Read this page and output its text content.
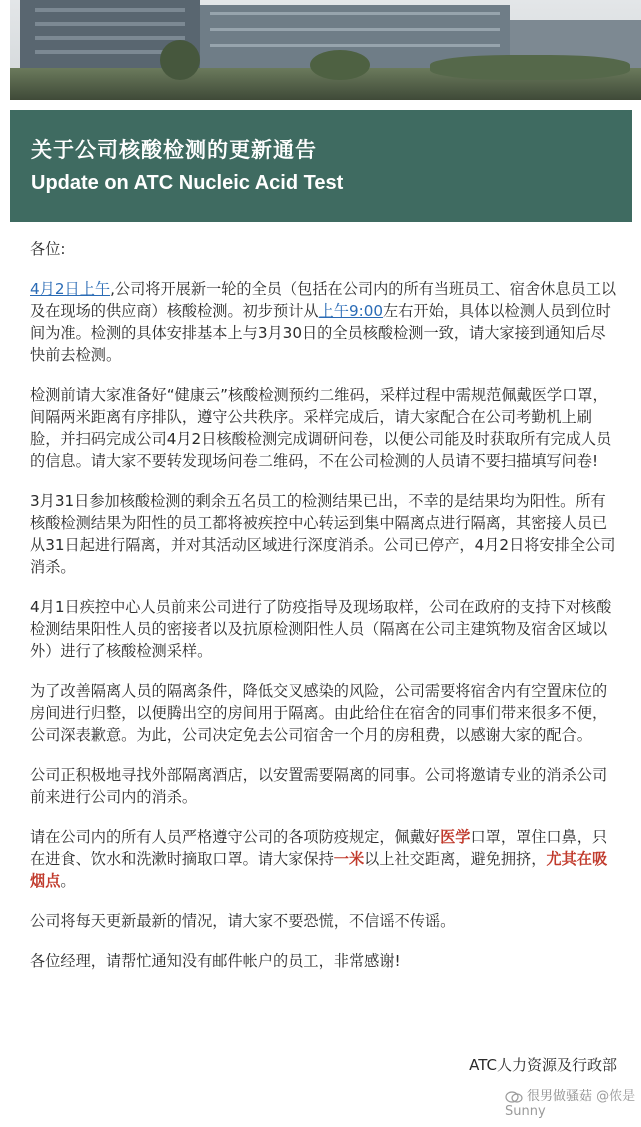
关于公司核酸检测的更新通告
Update on ATC Nucleic Acid Test

各位:

4月2日上午,公司将开展新一轮的全员（包括在公司内的所有当班员工、宿舍休息员工以及在现场的供应商）核酸检测。初步预计从上午9:00左右开始，具体以检测人员到位时间为准。检测的具体安排基本上与3月30日的全员核酸检测一致，请大家接到通知后尽快前去检测。

检测前请大家准备好“健康云”核酸检测预约二维码，采样过程中需规范佩戴医学口罩，间隔两米距离有序排队，遵守公共秩序。采样完成后，请大家配合在公司考勤机上刷脸，并扫码完成公司4月2日核酸检测完成调研问卷，以便公司能及时获取所有完成人员的信息。请大家不要转发现场问卷二维码，不在公司检测的人员请不要扫描填写问卷!

3月31日参加核酸检测的剩余五名员工的检测结果已出，不幸的是结果均为阳性。所有核酸检测结果为阳性的员工都将被疾控中心转运到集中隔离点进行隔离，其密接人员已从31日起进行隔离，并对其活动区域进行深度消杀。公司已停产，4月2日将安排全公司消杀。

4月1日疾控中心人员前来公司进行了防疫指导及现场取样，公司在政府的支持下对核酸检测结果阳性人员的密接者以及抗原检测阳性人员（隔离在公司主建筑物及宿舍区域以外）进行了核酸检测采样。

为了改善隔离人员的隔离条件，降低交叉感染的风险，公司需要将宿舍内有空置床位的房间进行归整，以便腾出空的房间用于隔离。由此给住在宿舍的同事们带来很多不便，公司深表歉意。为此，公司决定免去公司宿舍一个月的房租费，以感谢大家的配合。

公司正积极地寻找外部隔离酒店，以安置需要隔离的同事。公司将邀请专业的消杀公司前来进行公司内的消杀。

请在公司内的所有人员严格遵守公司的各项防疫规定，佩戴好医学口罩，罩住口鼻，只在进食、饮水和洗漱时摘取口罩。请大家保持一米以上社交距离，避免拥挤，尤其在吸烟点。

公司将每天更新最新的情况，请大家不要恐慌，不信谣不传谣。

各位经理，请帮忙通知没有邮件帐户的员工，非常感谢!

ATC人力资源及行政部
很男做骚菇 @侬是Sunny
